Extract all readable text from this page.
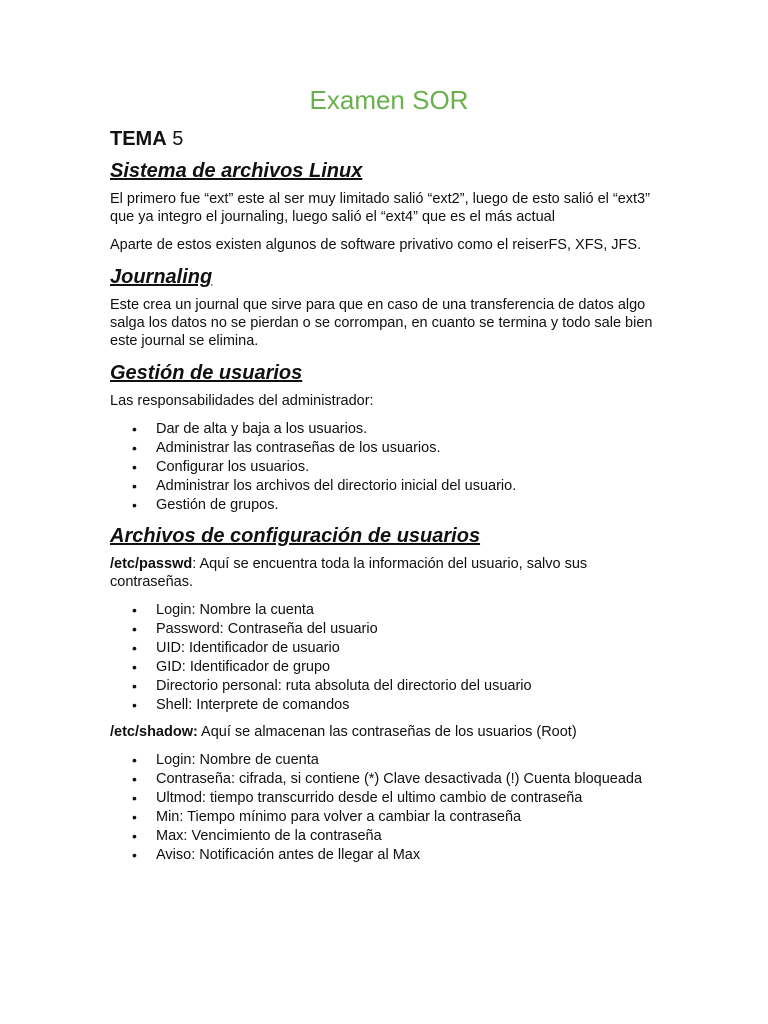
Examen SOR
TEMA 5
Sistema de archivos Linux

El primero fue “ext” este al ser muy limitado salió “ext2”, luego de esto salió el “ext3” que ya integro el journaling, luego salió el “ext4” que es el más actual

Aparte de estos existen algunos de software privativo como el reiserFS, XFS, JFS.

Journaling

Este crea un journal que sirve para que en caso de una transferencia de datos algo salga los datos no se pierdan o se corrompan, en cuanto se termina y todo sale bien este journal se elimina.

Gestión de usuarios

Las responsabilidades del administrador:

• Dar de alta y baja a los usuarios.
• Administrar las contraseñas de los usuarios.
• Configurar los usuarios.
• Administrar los archivos del directorio inicial del usuario.
• Gestión de grupos.
Archivos de configuración de usuarios

/etc/passwd: Aquí se encuentra toda la información del usuario, salvo sus contraseñas.

• Login: Nombre la cuenta
• Password: Contraseña del usuario
• UID: Identificador de usuario
• GID: Identificador de grupo
• Directorio personal: ruta absoluta del directorio del usuario
• Shell: Interprete de comandos

/etc/shadow: Aquí se almacenan las contraseñas de los usuarios (Root)

• Login: Nombre de cuenta
• Contraseña: cifrada, si contiene (*) Clave desactivada (!) Cuenta bloqueada
• Ultmod: tiempo transcurrido desde el ultimo cambio de contraseña
• Min: Tiempo mínimo para volver a cambiar la contraseña
• Max: Vencimiento de la contraseña
• Aviso: Notificación antes de llegar al Max
